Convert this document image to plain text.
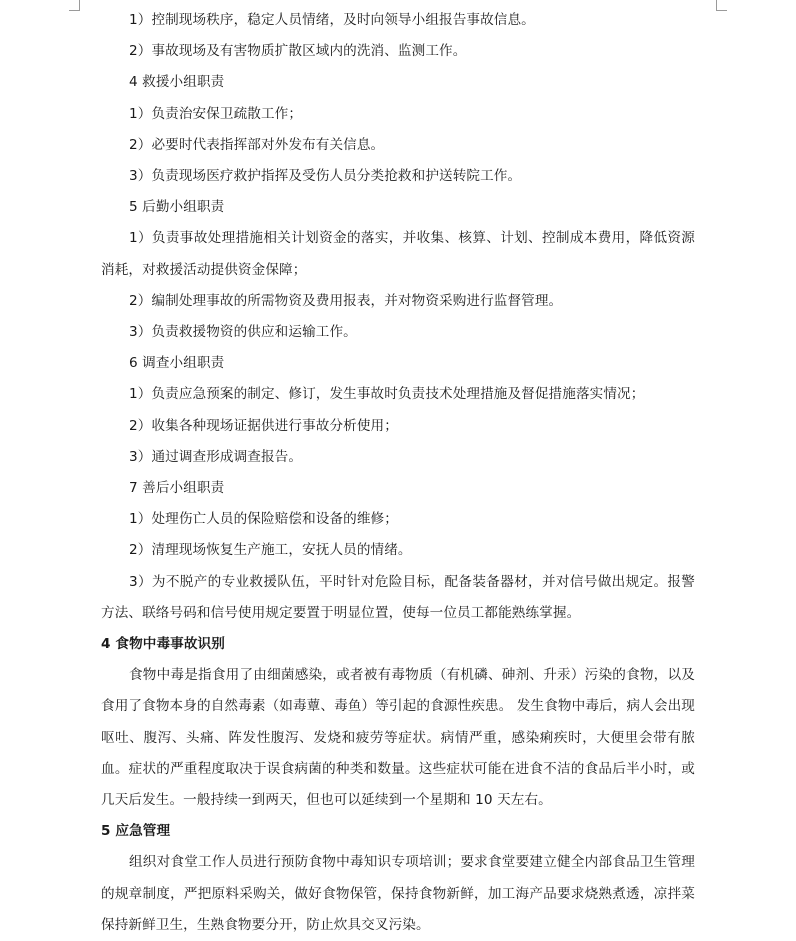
1）控制现场秩序，稳定人员情绪，及时向领导小组报告事故信息。

2）事故现场及有害物质扩散区域内的洗消、监测工作。

4 救援小组职责

1）负责治安保卫疏散工作；

2）必要时代表指挥部对外发布有关信息。

3）负责现场医疗救护指挥及受伤人员分类抢救和护送转院工作。

5 后勤小组职责

1）负责事故处理措施相关计划资金的落实，并收集、核算、计划、控制成本费用，降低资源消耗，对救援活动提供资金保障；

2）编制处理事故的所需物资及费用报表，并对物资采购进行监督管理。

3）负责救援物资的供应和运输工作。

6 调查小组职责

1）负责应急预案的制定、修订，发生事故时负责技术处理措施及督促措施落实情况；

2）收集各种现场证据供进行事故分析使用；

3）通过调查形成调查报告。

7 善后小组职责

1）处理伤亡人员的保险赔偿和设备的维修；

2）清理现场恢复生产施工，安抚人员的情绪。

3）为不脱产的专业救援队伍，平时针对危险目标，配备装备器材，并对信号做出规定。报警方法、联络号码和信号使用规定要置于明显位置，使每一位员工都能熟练掌握。

4 食物中毒事故识别

食物中毒是指食用了由细菌感染，或者被有毒物质（有机磷、砷剂、升汞）污染的食物，以及食用了食物本身的自然毒素（如毒蕈、毒鱼）等引起的食源性疾患。 发生食物中毒后，病人会出现呕吐、腹泻、头痛、阵发性腹泻、发烧和疲劳等症状。病情严重，感染痢疾时，大便里会带有脓血。症状的严重程度取决于误食病菌的种类和数量。这些症状可能在进食不洁的食品后半小时，或几天后发生。一般持续一到两天，但也可以延续到一个星期和 10 天左右。

5 应急管理

组织对食堂工作人员进行预防食物中毒知识专项培训；要求食堂要建立健全内部食品卫生管理的规章制度，严把原料采购关，做好食物保管，保持食物新鲜，加工海产品要求烧熟煮透，凉拌菜保持新鲜卫生，生熟食物要分开，防止炊具交叉污染。
